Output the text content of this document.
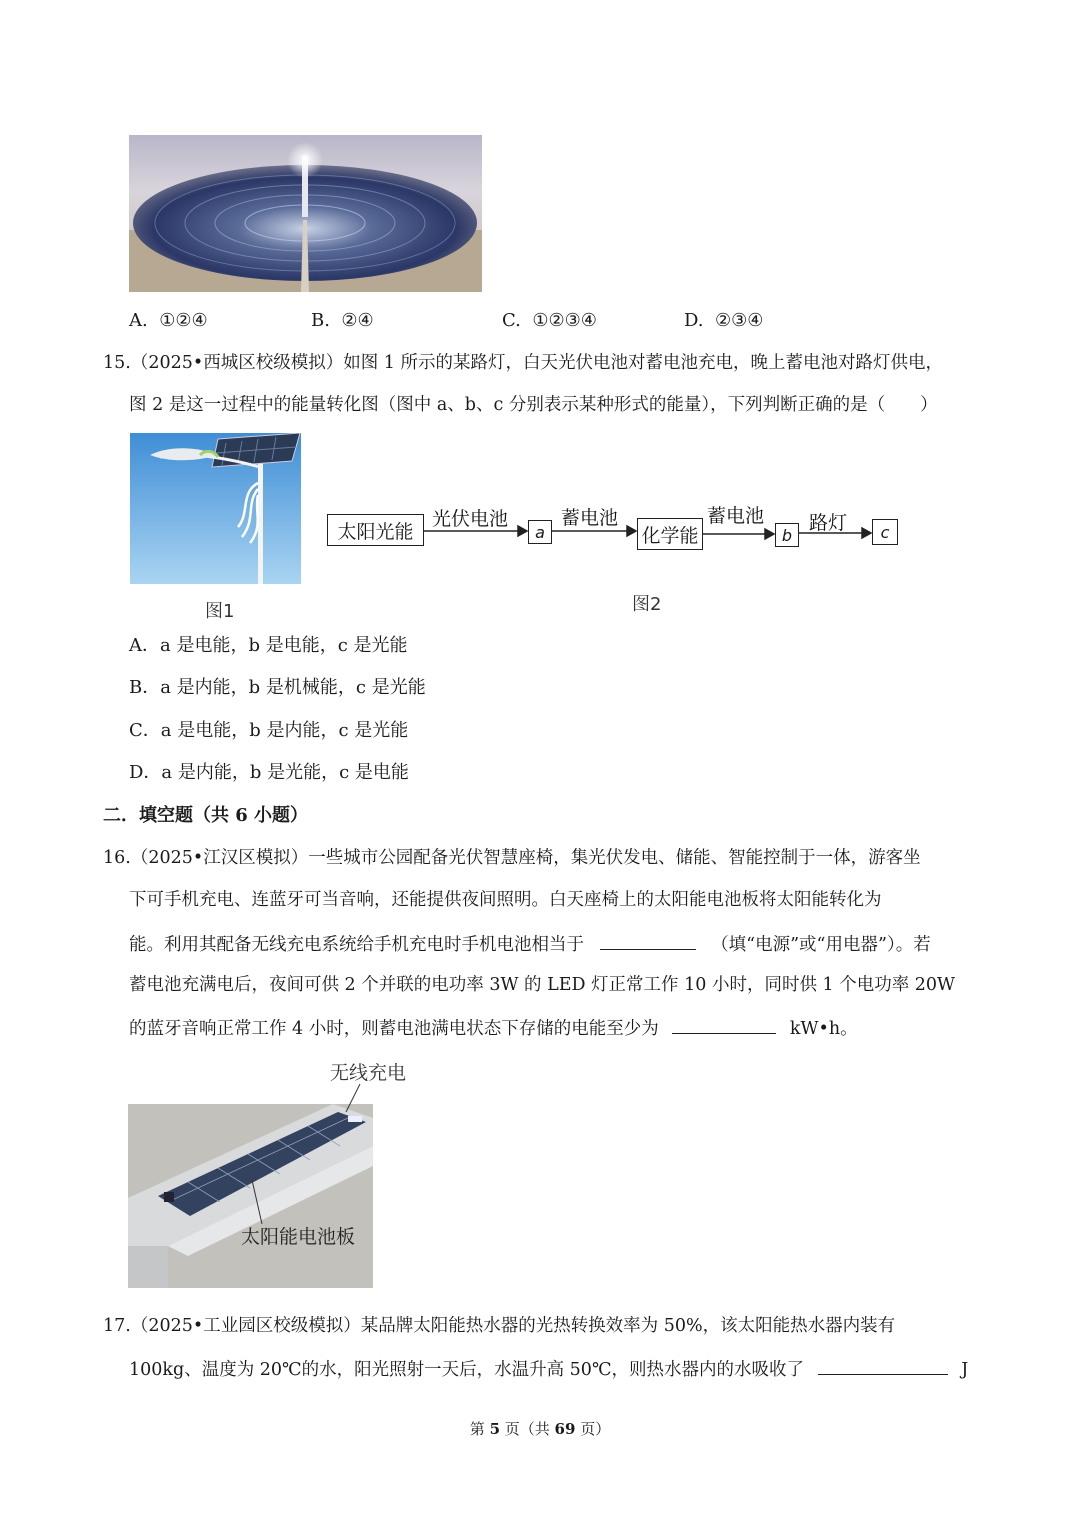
A. ①②④	B. ②④	C. ①②③④	D. ②③④
15.（2025•西城区校级模拟）如图 1 所示的某路灯，白天光伏电池对蓄电池充电，晚上蓄电池对路灯供电，
图 2 是这一过程中的能量转化图（图中 a、b、c 分别表示某种形式的能量），下列判断正确的是（　　）
图1
太阳光能
光伏电池
a
蓄电池
化学能
蓄电池
b
路灯	c
图2
A．a 是电能，b 是电能，c 是光能
B．a 是内能，b 是机械能，c 是光能
C．a 是电能，b 是内能，c 是光能
D．a 是内能，b 是光能，c 是电能
二．填空题（共 6 小题）
16.（2025•江汉区模拟）一些城市公园配备光伏智慧座椅，集光伏发电、储能、智能控制于一体，游客坐
下可手机充电、连蓝牙可当音响，还能提供夜间照明。白天座椅上的太阳能电池板将太阳能转化为
能。利用其配备无线充电系统给手机充电时手机电池相当于	（填“电源”或“用电器”）。若
蓄电池充满电后，夜间可供 2 个并联的电功率 3W 的 LED 灯正常工作 10 小时，同时供 1 个电功率 20W
的蓝牙音响正常工作 4 小时，则蓄电池满电状态下存储的电能至少为	kW•h。
无线充电
太阳能电池板
17.（2025•工业园区校级模拟）某品牌太阳能热水器的光热转换效率为 50%，该太阳能热水器内装有
100kg、温度为 20℃的水，阳光照射一天后，水温升高 50℃，则热水器内的水吸收了	J
第 5 页（共 69 页）
